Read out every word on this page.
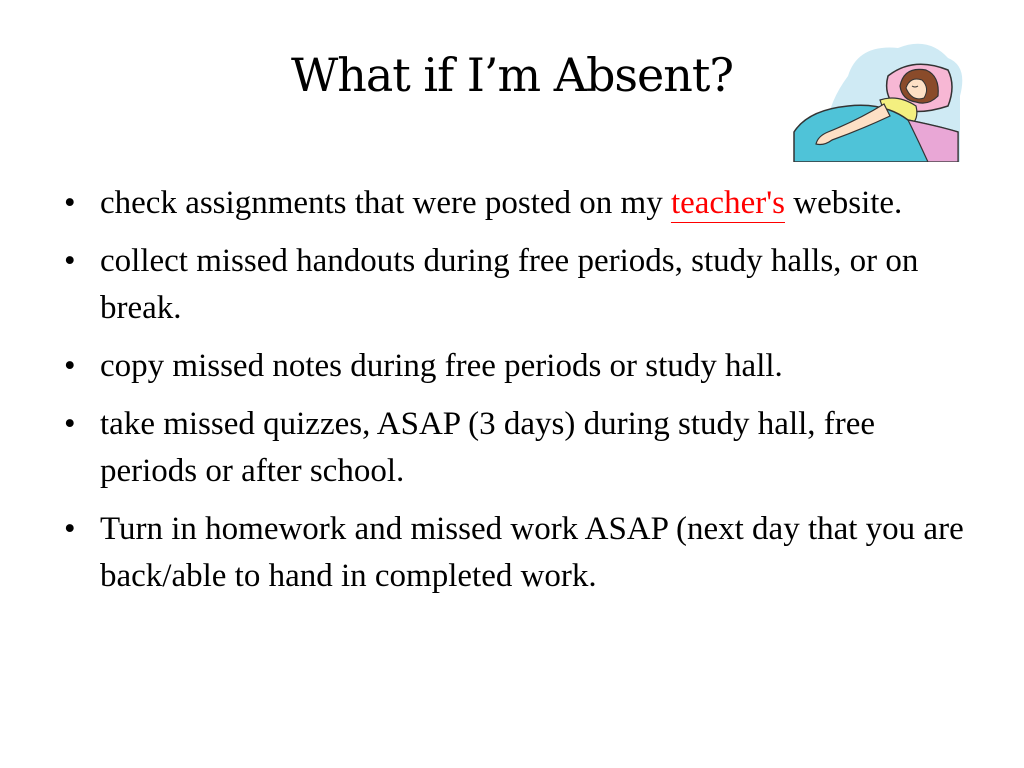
What if I’m Absent?
• check assignments that were posted on my teacher's website.
• collect missed handouts during free periods, study halls, or on break.
• copy missed notes during free periods or study hall.
• take missed quizzes, ASAP (3 days) during study hall, free periods or after school.
• Turn in homework and missed work ASAP (next day that you are back/able to hand in completed work.
